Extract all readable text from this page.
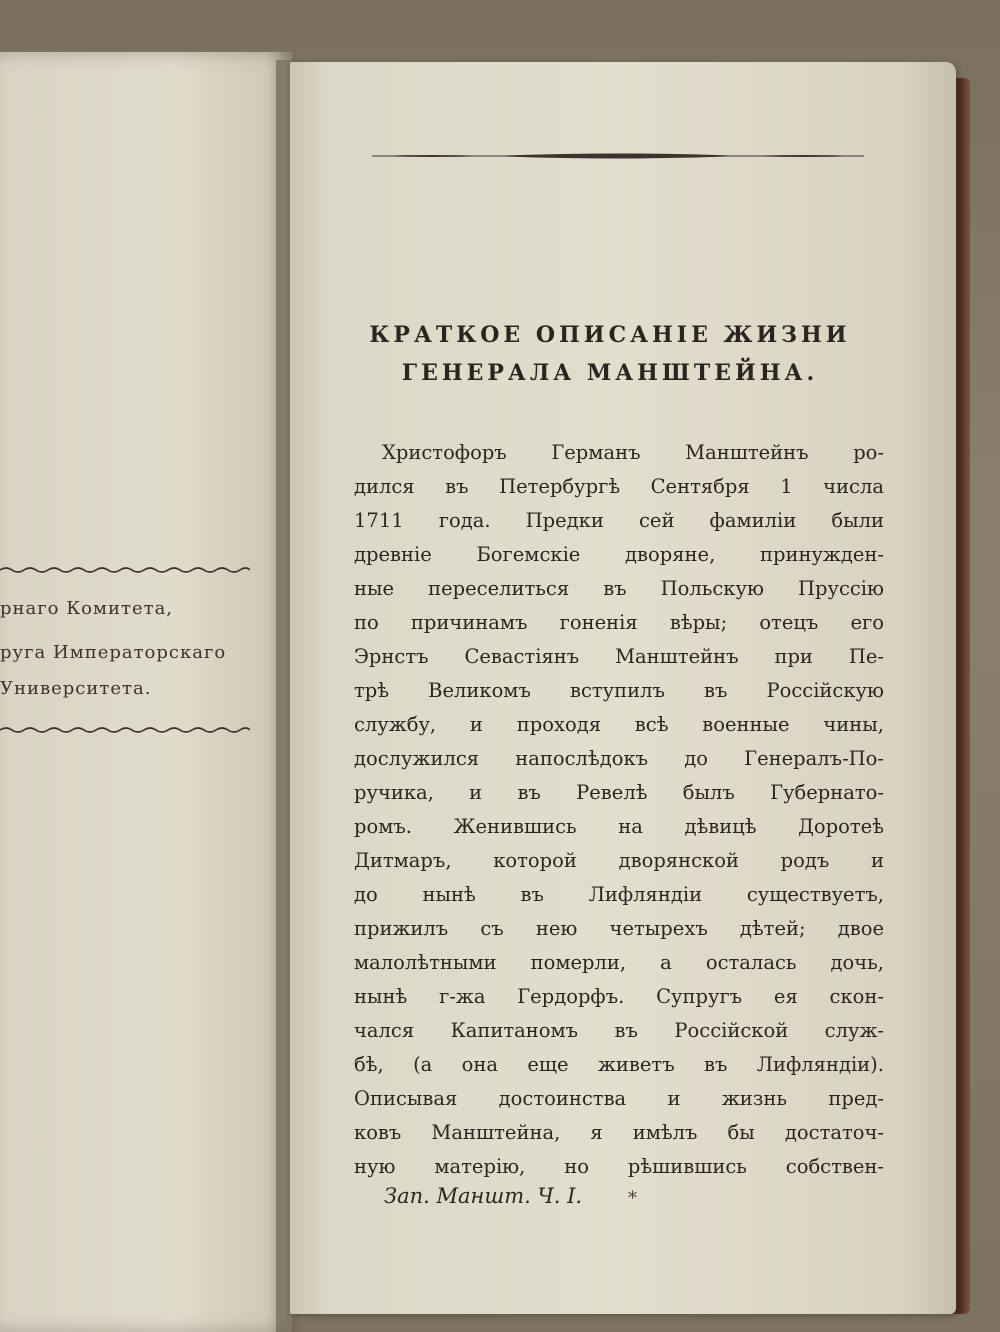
рнаго Комитета,
руга Императорскаго
Университета.
КРАТКОЕ ОПИСАНІЕ ЖИЗНИ
ГЕНЕРАЛА МАНШТЕЙНА.
Христофоръ Германъ Манштейнъ ро-
дился въ Петербургѣ Сентября 1 числа
1711 года. Предки сей фамиліи были
древніе Богемскіе дворяне, принужден-
ные переселиться въ Польскую Пруссію
по причинамъ гоненія вѣры; отецъ его
Эрнстъ Севастіянъ Манштейнъ при Пе-
трѣ Великомъ вступилъ въ Россійскую
службу, и проходя всѣ военные чины,
дослужился напослѣдокъ до Генералъ-По-
ручика, и въ Ревелѣ былъ Губернато-
ромъ. Женившись на дѣвицѣ Доротеѣ
Дитмаръ, которой дворянской родъ и
до нынѣ въ Лифляндіи существуетъ,
прижилъ съ нею четырехъ дѣтей; двое
малолѣтными померли, а осталась дочь,
нынѣ г-жа Гердорфъ. Супругъ ея скон-
чался Капитаномъ въ Россійской служ-
бѣ, (а она еще живетъ въ Лифляндіи).
Описывая достоинства и жизнь пред-
ковъ Манштейна, я имѣлъ бы достаточ-
ную матерію, но рѣшившись собствен-
Зап. Маншт. Ч. I.	*
